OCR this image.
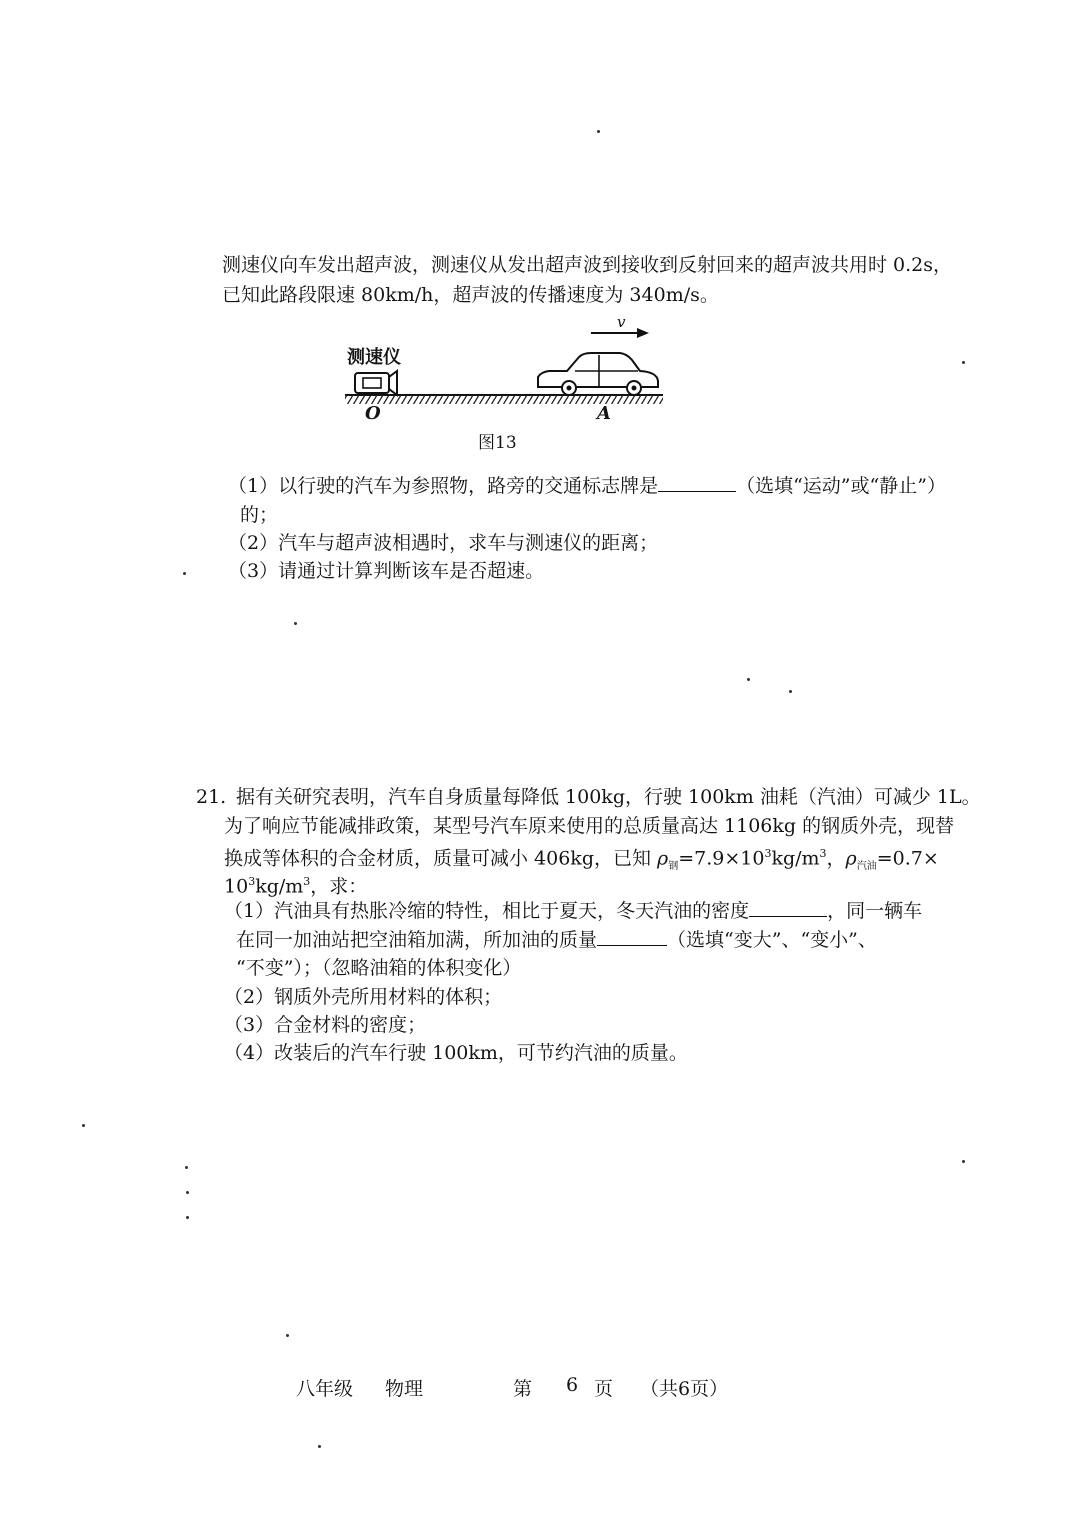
测速仪向车发出超声波，测速仪从发出超声波到接收到反射回来的超声波共用时 0.2s，
已知此路段限速 80km/h，超声波的传播速度为 340m/s。
测速仪
v
O	A
图13
（1）以行驶的汽车为参照物，路旁的交通标志牌是	（选填“运动”或“静止”）
的；
（2）汽车与超声波相遇时，求车与测速仪的距离；
（3）请通过计算判断该车是否超速。
21. 据有关研究表明，汽车自身质量每降低 100kg，行驶 100km 油耗（汽油）可减少 1L。
为了响应节能减排政策，某型号汽车原来使用的总质量高达 1106kg 的钢质外壳，现替
换成等体积的合金材质，质量可减小 406kg，已知 $\rho_钢=7.9\times 10^3kg/m^3$，$\rho_{汽油}=0.7\times$
$10^3kg/m^3$，求：
（1）汽油具有热胀冷缩的特性，相比于夏天，冬天汽油的密度	，同一辆车
在同一加油站把空油箱加满，所加油的质量	（选填“变大”、“变小”、
“不变”）；（忽略油箱的体积变化）
（2）钢质外壳所用材料的体积；
（3）合金材料的密度；
（4）改装后的汽车行驶 100km，可节约汽油的质量。
八年级 物理	第 6 页 （共6页）
